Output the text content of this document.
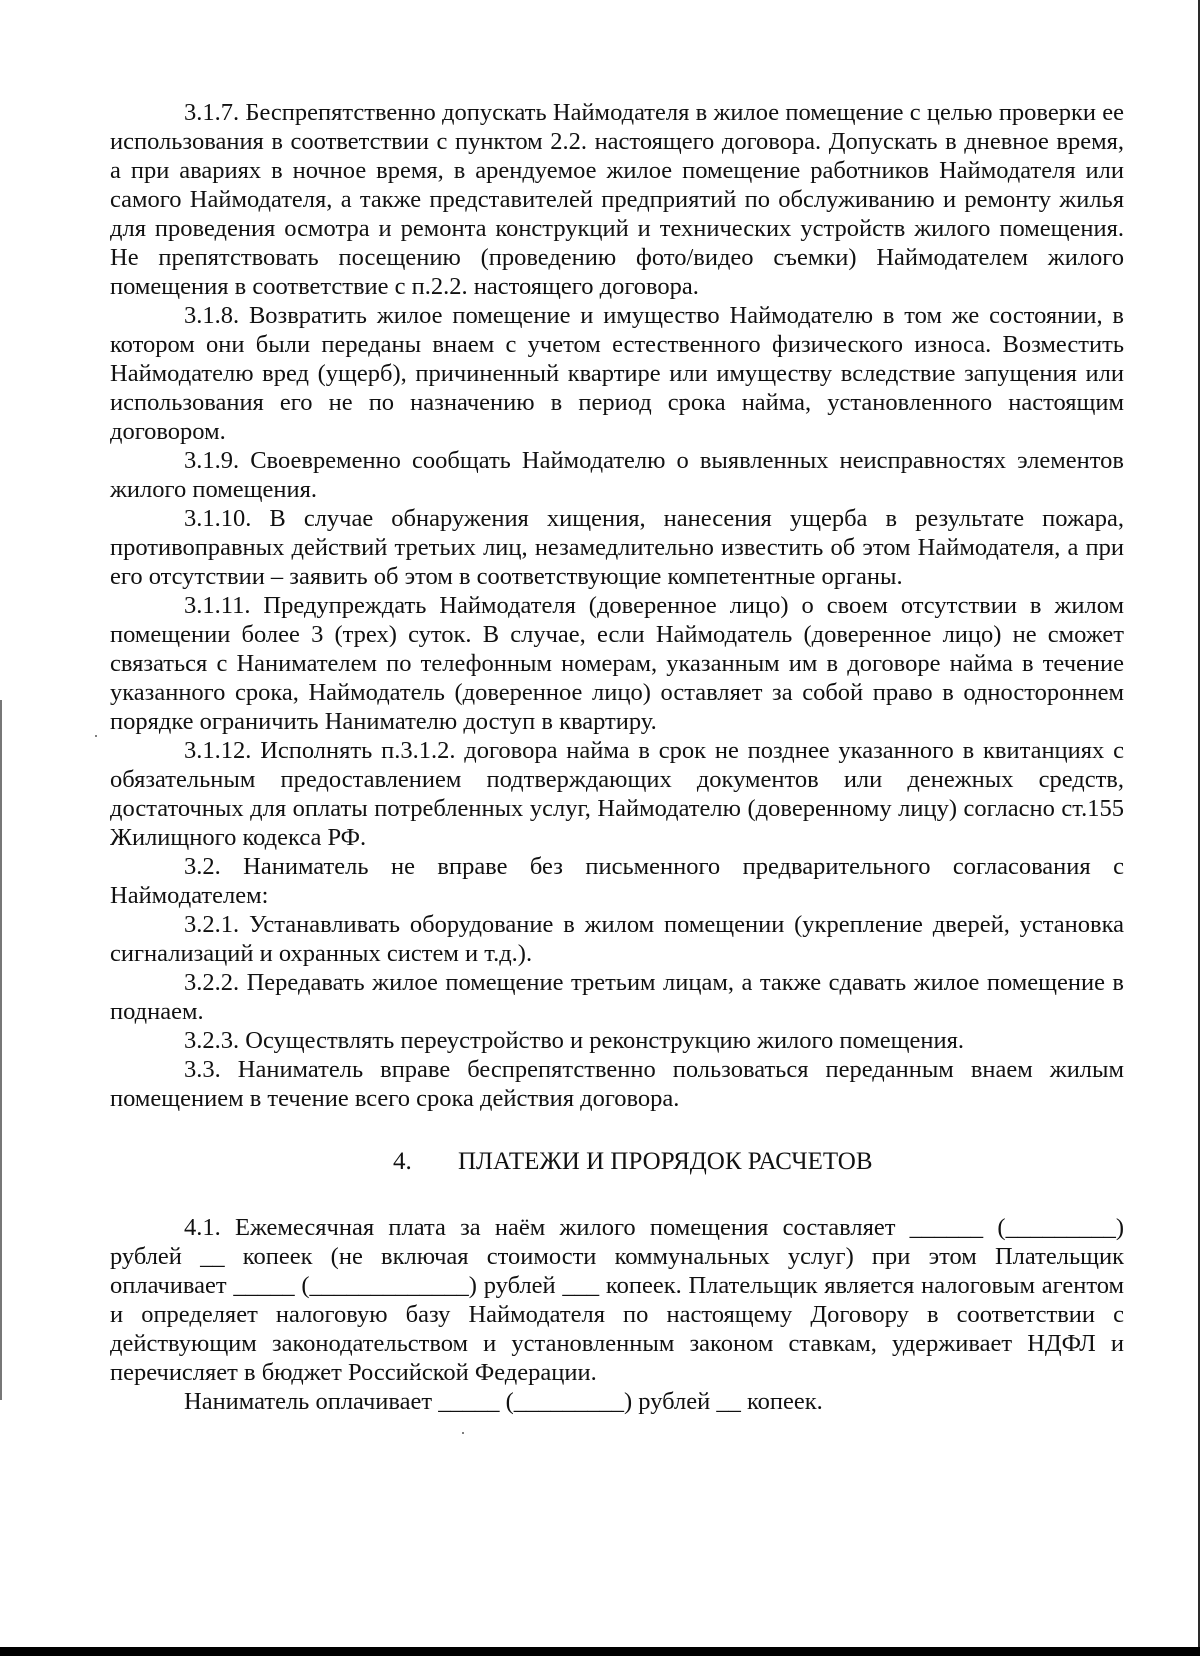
3.1.7. Беспрепятственно допускать Наймодателя в жилое помещение с целью проверки ее использования в соответствии с пунктом 2.2. настоящего договора. Допускать в дневное время, а при авариях в ночное время, в арендуемое жилое помещение работников Наймодателя или самого Наймодателя, а также представителей предприятий по обслуживанию и ремонту жилья для проведения осмотра и ремонта конструкций и технических устройств жилого помещения. Не препятствовать посещению (проведению фото/видео съемки) Наймодателем жилого помещения в соответствие с п.2.2. настоящего договора.

3.1.8. Возвратить жилое помещение и имущество Наймодателю в том же состоянии, в котором они были переданы внаем с учетом естественного физического износа. Возместить Наймодателю вред (ущерб), причиненный квартире или имуществу вследствие запущения или использования его не по назначению в период срока найма, установленного настоящим договором.

3.1.9. Своевременно сообщать Наймодателю о выявленных неисправностях элементов жилого помещения.

3.1.10. В случае обнаружения хищения, нанесения ущерба в результате пожара, противоправных действий третьих лиц, незамедлительно известить об этом Наймодателя, а при его отсутствии – заявить об этом в соответствующие компетентные органы.

3.1.11. Предупреждать Наймодателя (доверенное лицо) о своем отсутствии в жилом помещении более 3 (трех) суток. В случае, если Наймодатель (доверенное лицо) не сможет связаться с Нанимателем по телефонным номерам, указанным им в договоре найма в течение указанного срока, Наймодатель (доверенное лицо) оставляет за собой право в одностороннем порядке ограничить Нанимателю доступ в квартиру.

3.1.12. Исполнять п.3.1.2. договора найма в срок не позднее указанного в квитанциях с обязательным предоставлением подтверждающих документов или денежных средств, достаточных для оплаты потребленных услуг, Наймодателю (доверенному лицу) согласно ст.155 Жилищного кодекса РФ.

3.2. Наниматель не вправе без письменного предварительного согласования с Наймодателем:

3.2.1. Устанавливать оборудование в жилом помещении (укрепление дверей, установка сигнализаций и охранных систем и т.д.).

3.2.2. Передавать жилое помещение третьим лицам, а также сдавать жилое помещение в поднаем.

3.2.3. Осуществлять переустройство и реконструкцию жилого помещения.

3.3. Наниматель вправе беспрепятственно пользоваться переданным внаем жилым помещением в течение всего срока действия договора.

4. ПЛАТЕЖИ И ПРОРЯДОК РАСЧЕТОВ

4.1. Ежемесячная плата за наём жилого помещения составляет ______ (_________) рублей __ копеек (не включая стоимости коммунальных услуг) при этом Плательщик оплачивает _____ (_____________) рублей ___ копеек. Плательщик является налоговым агентом и определяет налоговую базу Наймодателя по настоящему Договору в соответствии с действующим законодательством и установленным законом ставкам, удерживает НДФЛ и перечисляет в бюджет Российской Федерации.

Наниматель оплачивает _____ (_________) рублей __ копеек.
